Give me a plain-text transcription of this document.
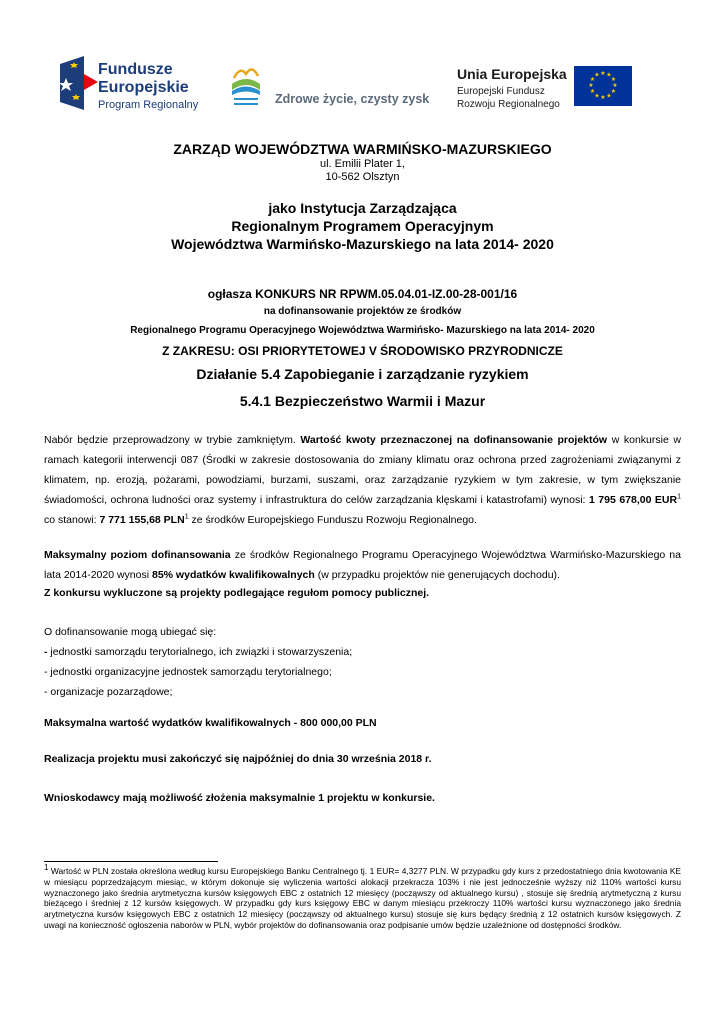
Fundusze
Europejskie
Program Regionalny	Zdrowe życie, czysty zysk
Unia Europejska
Europejski Fundusz
Rozwoju Regionalnego
★ ★
★
★
★
★
★
★
★
★
★
★
ZARZĄD WOJEWÓDZTWA WARMIŃSKO-MAZURSKIEGO
ul. Emilii Plater 1,
10-562 Olsztyn
jako Instytucja Zarządzająca
Regionalnym Programem Operacyjnym
Województwa Warmińsko-Mazurskiego na lata 2014- 2020
ogłasza KONKURS NR RPWM.05.04.01-IZ.00-28-001/16
na dofinansowanie projektów ze środków
Regionalnego Programu Operacyjnego Województwa Warmińsko- Mazurskiego na lata 2014- 2020
Z ZAKRESU: OSI PRIORYTETOWEJ V ŚRODOWISKO PRZYRODNICZE
Działanie 5.4 Zapobieganie i zarządzanie ryzykiem
5.4.1 Bezpieczeństwo Warmii i Mazur
Nabór będzie przeprowadzony w trybie zamkniętym. Wartość kwoty przeznaczonej na dofinansowanie projektów w konkursie w ramach kategorii interwencji 087 (Środki w zakresie dostosowania do zmiany klimatu oraz ochrona przed zagrożeniami związanymi z klimatem, np. erozją, pożarami, powodziami, burzami, suszami, oraz zarządzanie ryzykiem w tym zakresie, w tym zwiększanie świadomości, ochrona ludności oraz systemy i infrastruktura do celów zarządzania klęskami i katastrofami) wynosi: 1 795 678,00 EUR$^1$ co stanowi: 7 771 155,68 PLN$^1$ ze środków Europejskiego Funduszu Rozwoju Regionalnego.
Maksymalny poziom dofinansowania ze środków Regionalnego Programu Operacyjnego Województwa Warmińsko-Mazurskiego na lata 2014-2020 wynosi 85% wydatków kwalifikowalnych (w przypadku projektów nie generujących dochodu).
Z konkursu wykluczone są projekty podlegające regułom pomocy publicznej.
O dofinansowanie mogą ubiegać się:
- jednostki samorządu terytorialnego, ich związki i stowarzyszenia;
- jednostki organizacyjne jednostek samorządu terytorialnego;
- organizacje pozarządowe;
Maksymalna wartość wydatków kwalifikowalnych - 800 000,00 PLN
Realizacja projektu musi zakończyć się najpóźniej do dnia 30 września 2018 r.
Wnioskodawcy mają możliwość złożenia maksymalnie 1 projektu w konkursie.
$^1$ Wartość w PLN została określona według kursu Europejskiego Banku Centralnego tj. 1 EUR= 4,3277 PLN. W przypadku gdy kurs z przedostatniego dnia kwotowania KE w miesiącu poprzedzającym miesiąc, w którym dokonuje się wyliczenia wartości alokacji przekracza 103% i nie jest jednocześnie wyższy niż 110% wartości kursu wyznaczonego jako średnia arytmetyczna kursów księgowych EBC z ostatnich 12 miesięcy (począwszy od aktualnego kursu) , stosuje się średnią arytmetyczną z kursu bieżącego i średniej z 12 kursów księgowych. W przypadku gdy kurs księgowy EBC w danym miesiącu przekroczy 110% wartości kursu wyznaczonego jako średnia arytmetyczna kursów księgowych EBC z ostatnich 12 miesięcy (począwszy od aktualnego kursu) stosuje się kurs będący średnią z 12 ostatnich kursów księgowych. Z uwagi na konieczność ogłoszenia naborów w PLN, wybór projektów do dofinansowania oraz podpisanie umów będzie uzależnione od dostępności środków.
